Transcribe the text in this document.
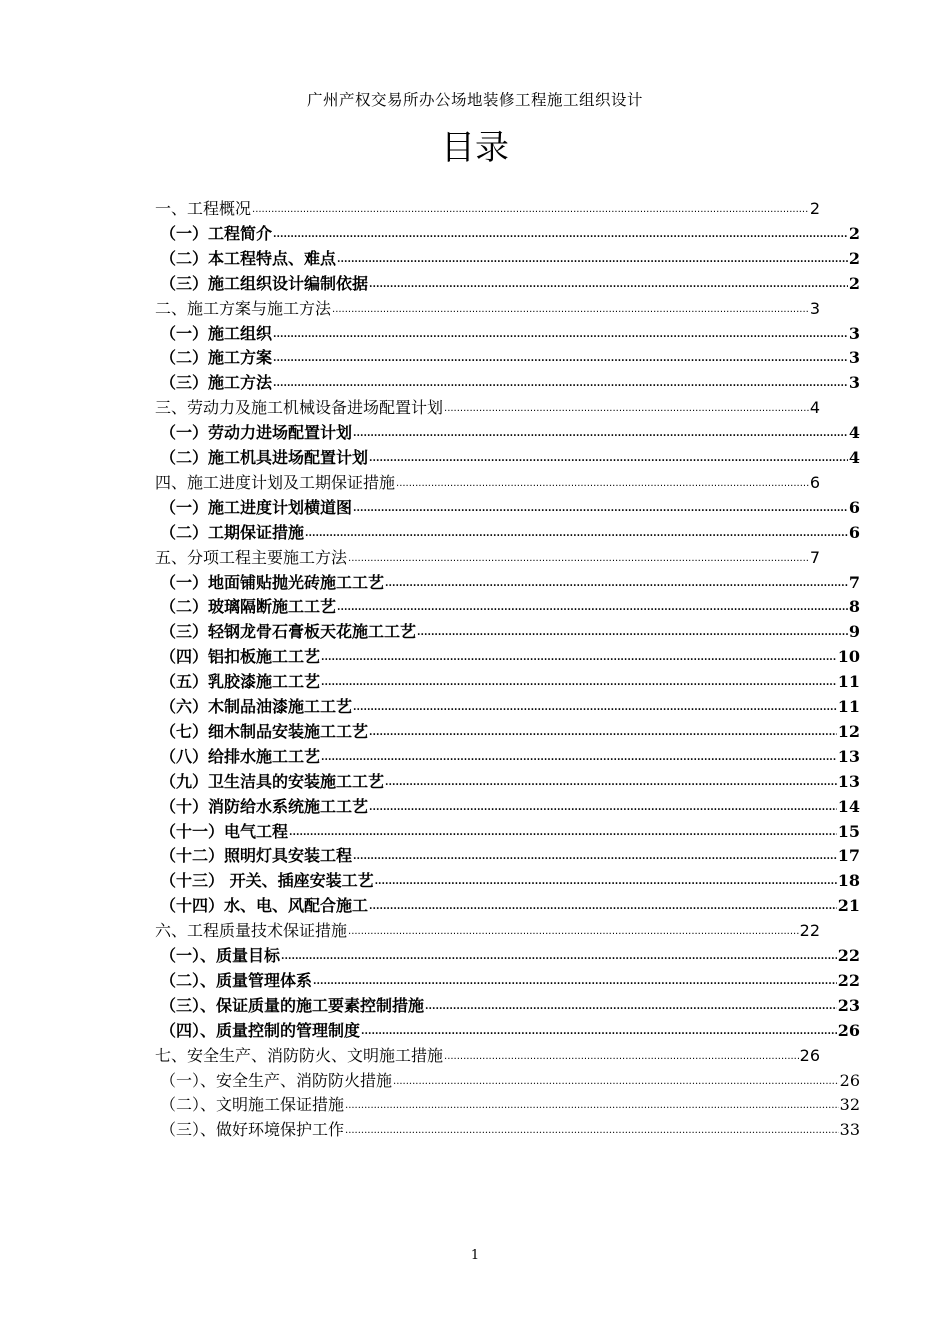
广州产权交易所办公场地装修工程施工组织设计
目录
一、工程概况 .....	2
（一）工程简介 .....	2
（二）本工程特点、难点 .....	2
（三）施工组织设计编制依据 .....	2
二、施工方案与施工方法 .....	3
（一）施工组织 .....	3
（二）施工方案 .....	3
（三）施工方法 .....	3
三、劳动力及施工机械设备进场配置计划 .....	4
（一）劳动力进场配置计划 .....	4
（二）施工机具进场配置计划 .....	4
四、施工进度计划及工期保证措施 .....	6
（一）施工进度计划横道图 .....	6
（二）工期保证措施 .....	6
五、分项工程主要施工方法 .....	7
（一）地面铺贴抛光砖施工工艺 .....	7
（二）玻璃隔断施工工艺 .....	8
（三）轻钢龙骨石膏板天花施工工艺 .....	9
（四）铝扣板施工工艺 .....	10
（五）乳胶漆施工工艺 .....	11
（六）木制品油漆施工工艺 .....	11
（七）细木制品安装施工工艺 .....	12
（八）给排水施工工艺 .....	13
（九）卫生洁具的安装施工工艺 .....	13
（十）消防给水系统施工工艺 .....	14
（十一）电气工程 .....	15
（十二）照明灯具安装工程 .....	17
（十三） 开关、插座安装工艺 .....	18
（十四）水、电、风配合施工 .....	21
六、工程质量技术保证措施 .....	22
（一）、质量目标 .....	22
（二）、质量管理体系 .....	22
（三）、保证质量的施工要素控制措施 .....	23
（四）、质量控制的管理制度 .....	26
七、安全生产、消防防火、文明施工措施 .....	26
（一）、安全生产、消防防火措施 .....	26
（二）、文明施工保证措施 .....	32
（三）、做好环境保护工作 .....	33
1
